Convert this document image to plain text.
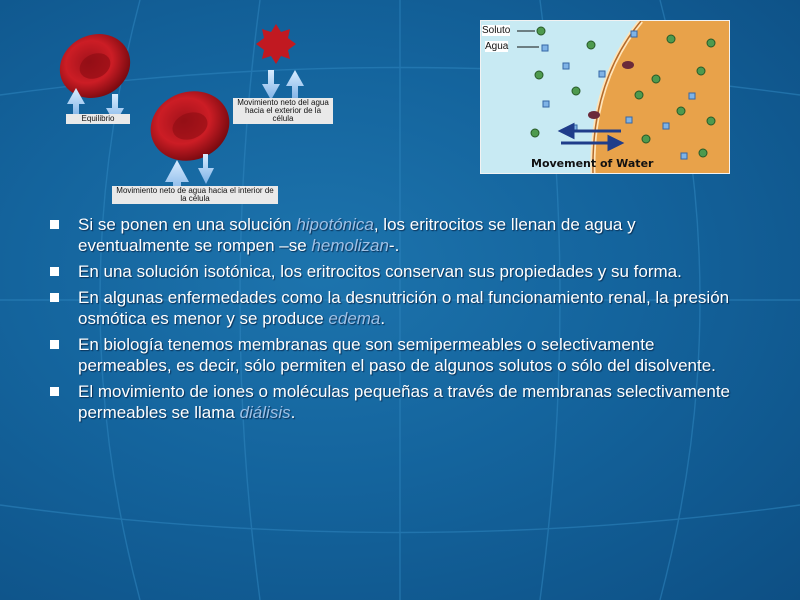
Equilibrio
Movimiento neto del agua hacia el exterior de la célula
Movimiento neto de agua hacia el interior de la célula
Soluto
Agua
Movement of Water
Si se ponen en una solución hipotónica, los eritrocitos se llenan de agua y eventualmente se rompen –se hemolizan-.
En una solución isotónica, los eritrocitos conservan sus propiedades y su forma.
En algunas enfermedades como la desnutrición o mal funcionamiento renal, la presión osmótica es menor y se produce edema.
En biología tenemos membranas que son semipermeables o selectivamente permeables, es decir, sólo permiten el paso de algunos solutos o sólo del disolvente.
El movimiento de iones o moléculas pequeñas a través de membranas selectivamente permeables se llama diálisis.
